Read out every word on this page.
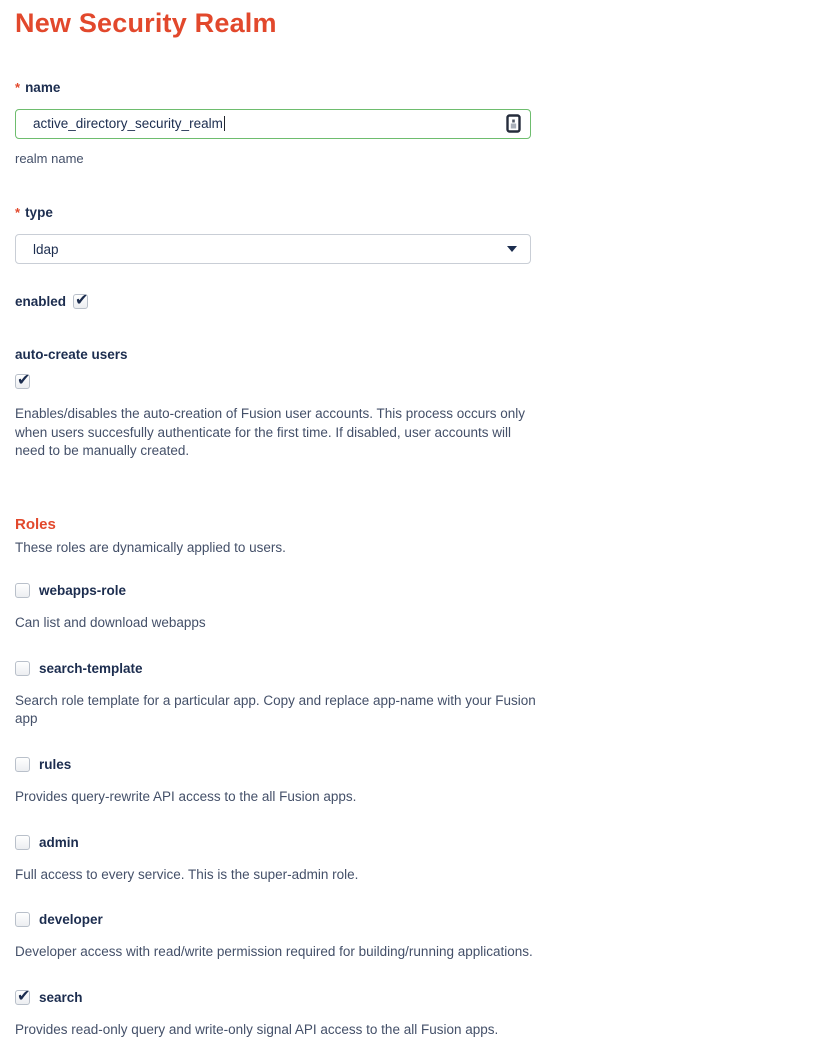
New Security Realm
* name
active_directory_security_realm
realm name
* type
ldap
enabled
✔
auto-create users
✔

Enables/disables the auto-creation of Fusion user accounts. This process occurs only when users succesfully authenticate for the first time. If disabled, user accounts will need to be manually created.

Roles
These roles are dynamically applied to users.
webapps-role

Can list and download webapps

search-template

Search role template for a particular app. Copy and replace app-name with your Fusion app

rules

Provides query-rewrite API access to the all Fusion apps.

admin

Full access to every service. This is the super-admin role.

developer

Developer access with read/write permission required for building/running applications.

✔
search

Provides read-only query and write-only signal API access to the all Fusion apps.
